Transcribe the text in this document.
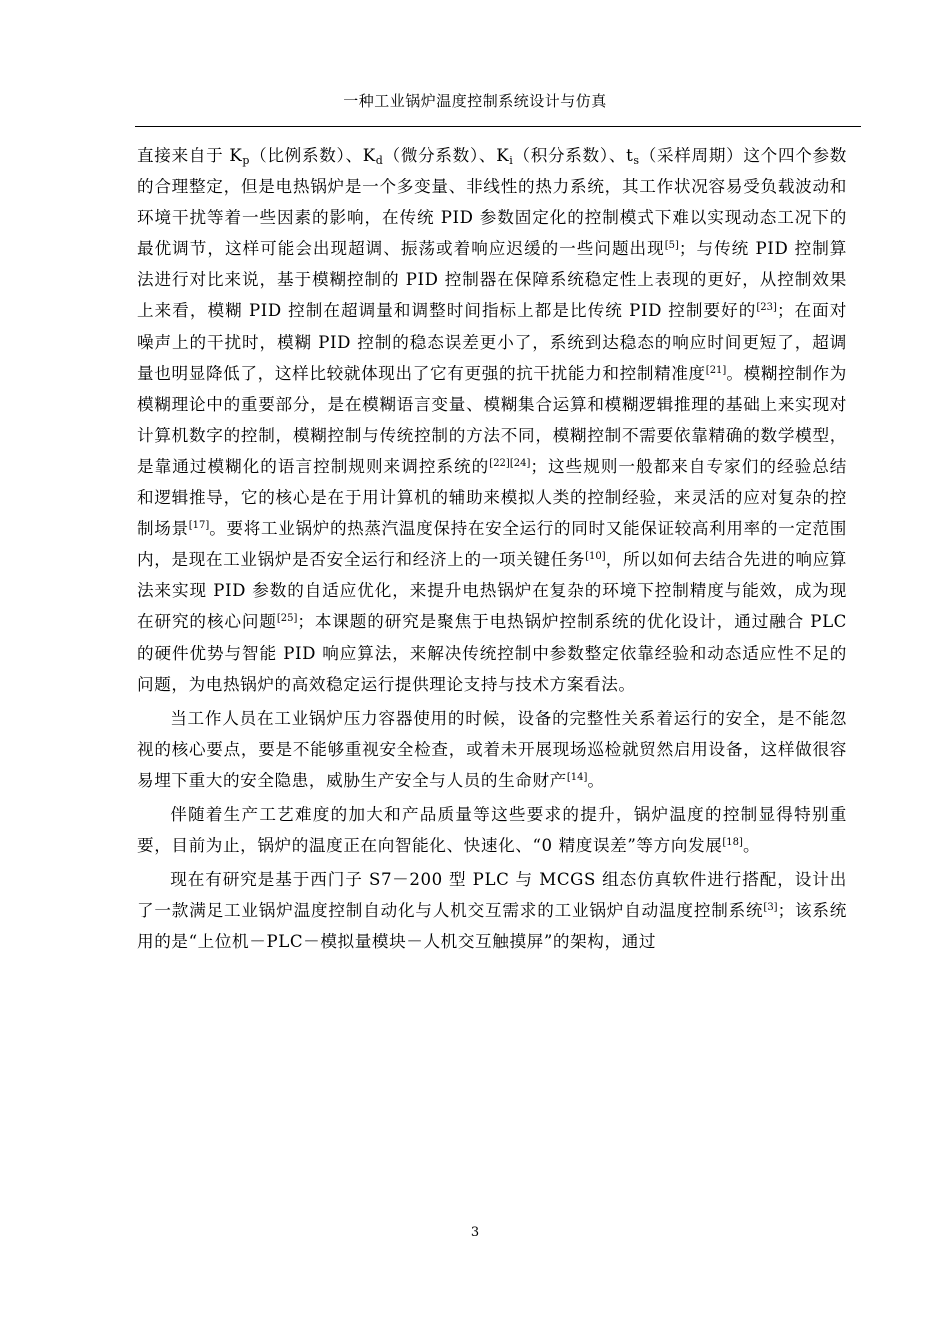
一种工业锅炉温度控制系统设计与仿真

直接来自于 $K_p$（比例系数）、$K_d$（微分系数）、$K_i$（积分系数）、$t_s$（采样周期）这个四个参数的合理整定，但是电热锅炉是一个多变量、非线性的热力系统，其工作状况容易受负载波动和环境干扰等着一些因素的影响，在传统 PID 参数固定化的控制模式下难以实现动态工况下的最优调节，这样可能会出现超调、振荡或着响应迟缓的一些问题出现[5]；与传统 PID 控制算法进行对比来说，基于模糊控制的 PID 控制器在保障系统稳定性上表现的更好，从控制效果上来看，模糊 PID 控制在超调量和调整时间指标上都是比传统 PID 控制要好的[23]；在面对噪声上的干扰时，模糊 PID 控制的稳态误差更小了，系统到达稳态的响应时间更短了，超调量也明显降低了，这样比较就体现出了它有更强的抗干扰能力和控制精准度[21]。模糊控制作为模糊理论中的重要部分，是在模糊语言变量、模糊集合运算和模糊逻辑推理的基础上来实现对计算机数字的控制，模糊控制与传统控制的方法不同，模糊控制不需要依靠精确的数学模型，是靠通过模糊化的语言控制规则来调控系统的[22][24]；这些规则一般都来自专家们的经验总结和逻辑推导，它的核心是在于用计算机的辅助来模拟人类的控制经验，来灵活的应对复杂的控制场景[17]。要将工业锅炉的热蒸汽温度保持在安全运行的同时又能保证较高利用率的一定范围内，是现在工业锅炉是否安全运行和经济上的一项关键任务[10]，所以如何去结合先进的响应算法来实现 PID 参数的自适应优化，来提升电热锅炉在复杂的环境下控制精度与能效，成为现在研究的核心问题[25]；本课题的研究是聚焦于电热锅炉控制系统的优化设计，通过融合 PLC 的硬件优势与智能 PID 响应算法，来解决传统控制中参数整定依靠经验和动态适应性不足的问题，为电热锅炉的高效稳定运行提供理论支持与技术方案看法。

当工作人员在工业锅炉压力容器使用的时候，设备的完整性关系着运行的安全，是不能忽视的核心要点，要是不能够重视安全检查，或着未开展现场巡检就贸然启用设备，这样做很容易埋下重大的安全隐患，威胁生产安全与人员的生命财产[14]。

伴随着生产工艺难度的加大和产品质量等这些要求的提升，锅炉温度的控制显得特别重要，目前为止，锅炉的温度正在向智能化、快速化、“0 精度误差”等方向发展[18]。

现在有研究是基于西门子 S7－200 型 PLC 与 MCGS 组态仿真软件进行搭配，设计出了一款满足工业锅炉温度控制自动化与人机交互需求的工业锅炉自动温度控制系统[3]；该系统用的是“上位机－PLC－模拟量模块－人机交互触摸屏”的架构，通过

3
